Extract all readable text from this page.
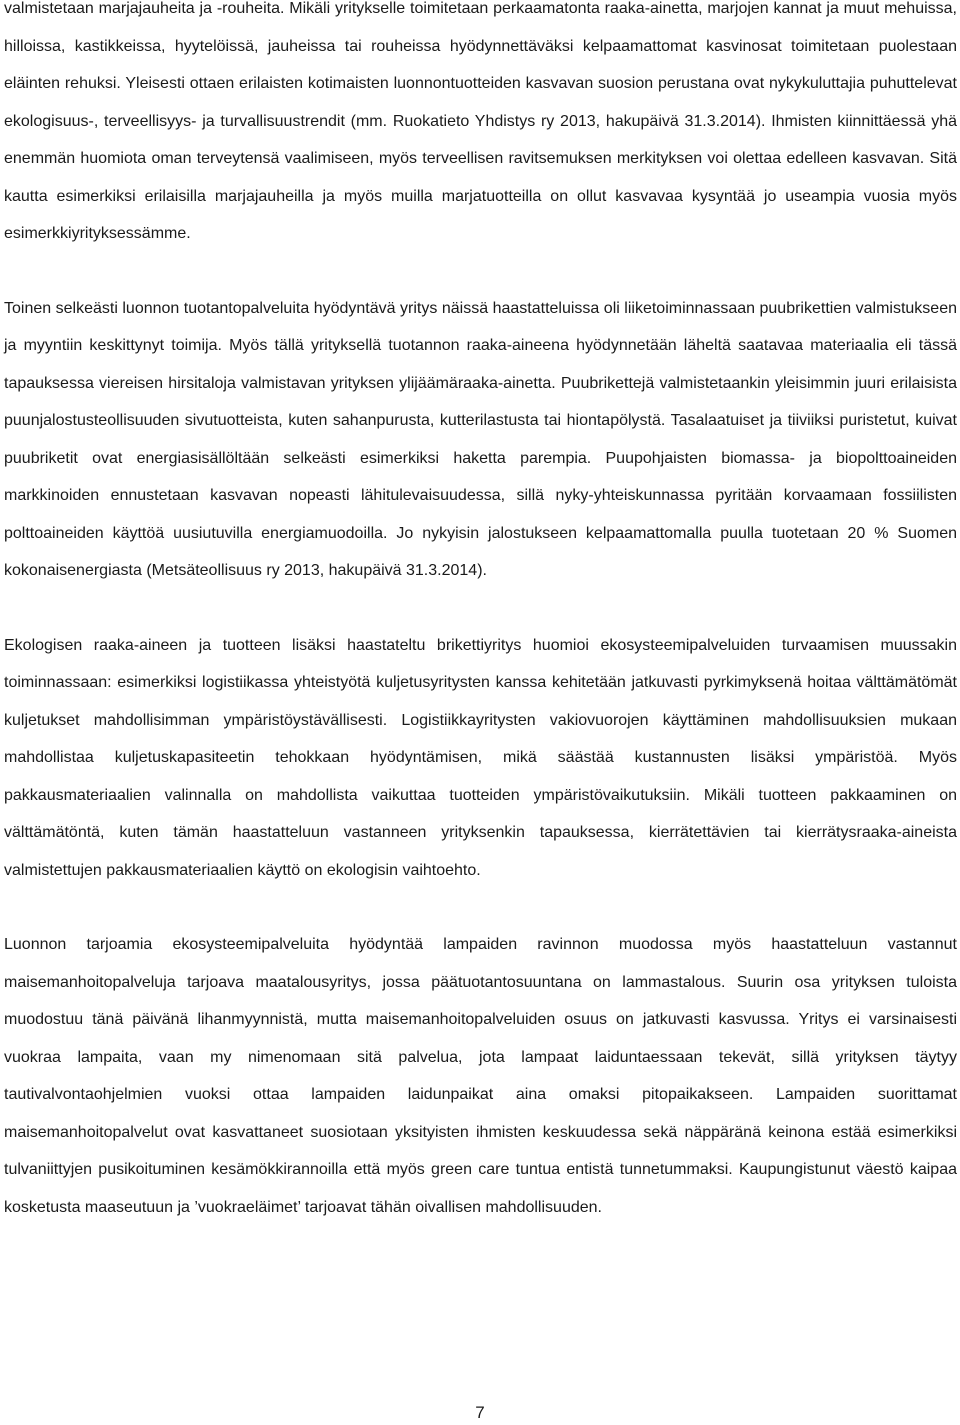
valmistetaan marjajauheita ja -rouheita. Mikäli yritykselle toimitetaan perkaamatonta raaka-ainetta, marjojen kannat ja muut mehuissa, hilloissa, kastikkeissa, hyytelöissä, jauheissa tai rouheissa hyödynnettäväksi kelpaamattomat kasvinosat toimitetaan puolestaan eläinten rehuksi. Yleisesti ottaen erilaisten kotimaisten luonnontuotteiden kasvavan suosion perustana ovat nykykuluttajia puhuttelevat ekologisuus-, terveellisyys- ja turvallisuustrendit (mm. Ruokatieto Yhdistys ry 2013, hakupäivä 31.3.2014). Ihmisten kiinnittäessä yhä enemmän huomiota oman terveytensä vaalimiseen, myös terveellisen ravitsemuksen merkityksen voi olettaa edelleen kasvavan. Sitä kautta esimerkiksi erilaisilla marjajauheilla ja myös muilla marjatuotteilla on ollut kasvavaa kysyntää jo useampia vuosia myös esimerkkiyrityksessämme.

Toinen selkeästi luonnon tuotantopalveluita hyödyntävä yritys näissä haastatteluissa oli liiketoiminnassaan puubrikettien valmistukseen ja myyntiin keskittynyt toimija. Myös tällä yrityksellä tuotannon raaka-aineena hyödynnetään läheltä saatavaa materiaalia eli tässä tapauksessa viereisen hirsitaloja valmistavan yrityksen ylijäämäraaka-ainetta. Puubrikettejä valmistetaankin yleisimmin juuri erilaisista puunjalostusteollisuuden sivutuotteista, kuten sahanpurusta, kutterilastusta tai hiontapölystä. Tasalaatuiset ja tiiviiksi puristetut, kuivat puubriketit ovat energiasisällöltään selkeästi esimerkiksi haketta parempia. Puupohjaisten biomassa- ja biopolttoaineiden markkinoiden ennustetaan kasvavan nopeasti lähitulevaisuudessa, sillä nyky-yhteiskunnassa pyritään korvaamaan fossiilisten polttoaineiden käyttöä uusiutuvilla energiamuodoilla. Jo nykyisin jalostukseen kelpaamattomalla puulla tuotetaan 20 % Suomen kokonaisenergiasta (Metsäteollisuus ry 2013, hakupäivä 31.3.2014).

Ekologisen raaka-aineen ja tuotteen lisäksi haastateltu brikettiyritys huomioi ekosysteemipalveluiden turvaamisen muussakin toiminnassaan: esimerkiksi logistiikassa yhteistyötä kuljetusyritysten kanssa kehitetään jatkuvasti pyrkimyksenä hoitaa välttämätömät kuljetukset mahdollisimman ympäristöystävällisesti. Logistiikkayritysten vakiovuorojen käyttäminen mahdollisuuksien mukaan mahdollistaa kuljetuskapasiteetin tehokkaan hyödyntämisen, mikä säästää kustannusten lisäksi ympäristöä. Myös pakkausmateriaalien valinnalla on mahdollista vaikuttaa tuotteiden ympäristövaikutuksiin. Mikäli tuotteen pakkaaminen on välttämätöntä, kuten tämän haastatteluun vastanneen yrityksenkin tapauksessa, kierrätettävien tai kierrätysraaka-aineista valmistettujen pakkausmateriaalien käyttö on ekologisin vaihtoehto.

Luonnon tarjoamia ekosysteemipalveluita hyödyntää lampaiden ravinnon muodossa myös haastatteluun vastannut maisemanhoitopalveluja tarjoava maatalousyritys, jossa päätuotantosuuntana on lammastalous. Suurin osa yrityksen tuloista muodostuu tänä päivänä lihanmyynnistä, mutta maisemanhoitopalveluiden osuus on jatkuvasti kasvussa. Yritys ei varsinaisesti vuokraa lampaita, vaan my nimenomaan sitä palvelua, jota lampaat laiduntaessaan tekevät, sillä yrityksen täytyy tautivalvontaohjelmien vuoksi ottaa lampaiden laidunpaikat aina omaksi pitopaikakseen. Lampaiden suorittamat maisemanhoitopalvelut ovat kasvattaneet suosiotaan yksityisten ihmisten keskuudessa sekä näppäränä keinona estää esimerkiksi tulvaniittyjen pusikoituminen kesämökkirannoilla että myös green care tuntua entistä tunnetummaksi. Kaupungistunut väestö kaipaa kosketusta maaseutuun ja ’vuokraeläimet’ tarjoavat tähän oivallisen mahdollisuuden.

7
